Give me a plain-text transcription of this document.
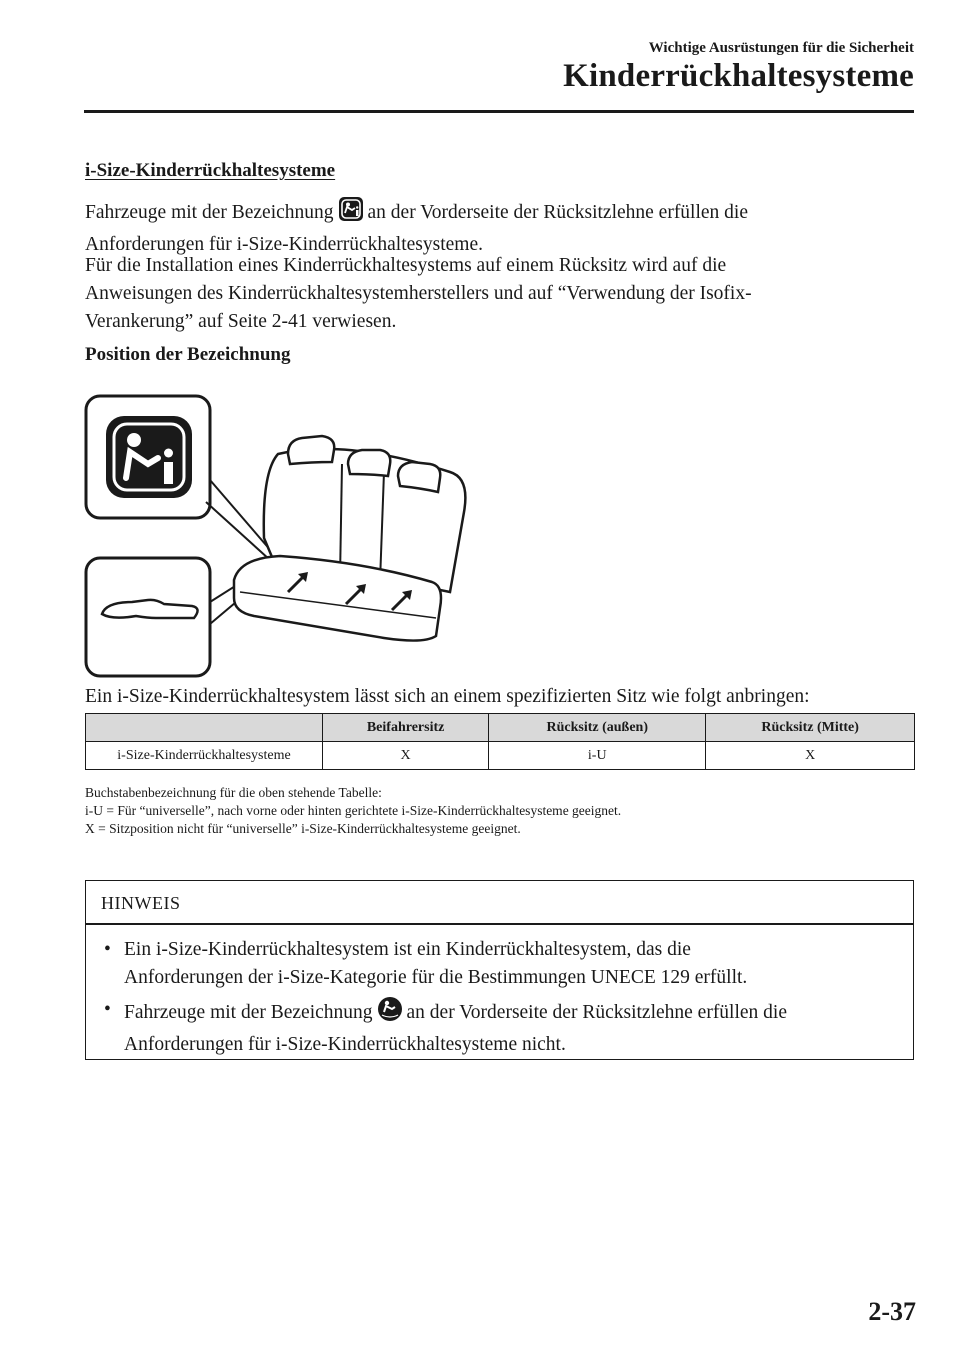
Wichtige Ausrüstungen für die Sicherheit
Kinderrückhaltesysteme
i-Size-Kinderrückhaltesysteme
Fahrzeuge mit der Bezeichnung an der Vorderseite der Rücksitzlehne erfüllen die
Anforderungen für i-Size-Kinderrückhaltesysteme.
Für die Installation eines Kinderrückhaltesystems auf einem Rücksitz wird auf die
Anweisungen des Kinderrückhaltesystemherstellers und auf “Verwendung der Isofix-
Verankerung” auf Seite 2-41 verwiesen.
Position der Bezeichnung
Ein i-Size-Kinderrückhaltesystem lässt sich an einem spezifizierten Sitz wie folgt anbringen:
	Beifahrersitz	Rücksitz (außen)	Rücksitz (Mitte)
i-Size-Kinderrückhaltesysteme	X	i-U	X
Buchstabenbezeichnung für die oben stehende Tabelle:
i-U = Für “universelle”, nach vorne oder hinten gerichtete i-Size-Kinderrückhaltesysteme geeignet.
X = Sitzposition nicht für “universelle” i-Size-Kinderrückhaltesysteme geeignet.
HINWEIS
• Ein i-Size-Kinderrückhaltesystem ist ein Kinderrückhaltesystem, das die
Anforderungen der i-Size-Kategorie für die Bestimmungen UNECE 129 erfüllt.
• Fahrzeuge mit der Bezeichnung an der Vorderseite der Rücksitzlehne erfüllen die
Anforderungen für i-Size-Kinderrückhaltesysteme nicht.
2-37
